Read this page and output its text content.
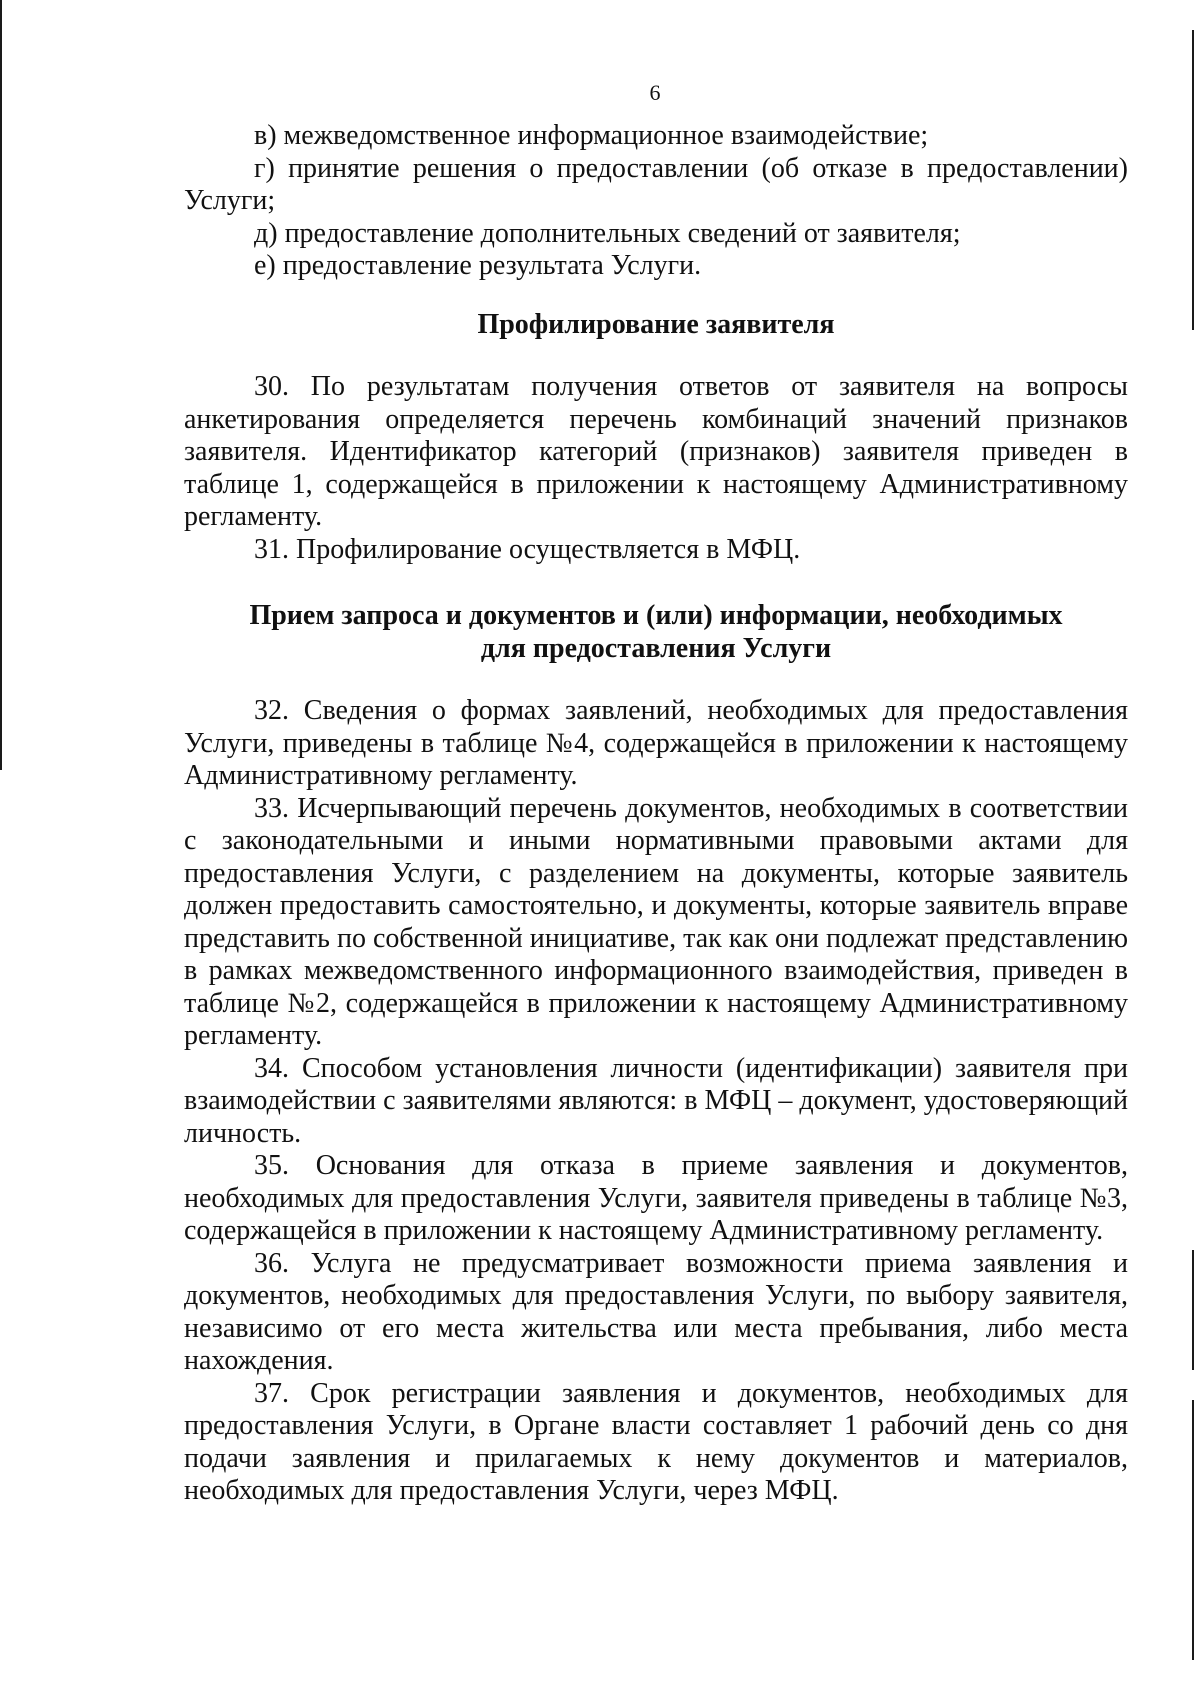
6

в) межведомственное информационное взаимодействие;

г) принятие решения о предоставлении (об отказе в предоставлении) Услуги;

д) предоставление дополнительных сведений от заявителя;

е) предоставление результата Услуги.

Профилирование заявителя

30. По результатам получения ответов от заявителя на вопросы анкетирования определяется перечень комбинаций значений признаков заявителя. Идентификатор категорий (признаков) заявителя приведен в таблице 1, содержащейся в приложении к настоящему Административному регламенту.

31. Профилирование осуществляется в МФЦ.

Прием запроса и документов и (или) информации, необходимых
для предоставления Услуги

32. Сведения о формах заявлений, необходимых для предоставления Услуги, приведены в таблице №4, содержащейся в приложении к настоящему Административному регламенту.

33. Исчерпывающий перечень документов, необходимых в соответствии с законодательными и иными нормативными правовыми актами для предоставления Услуги, с разделением на документы, которые заявитель должен предоставить самостоятельно, и документы, которые заявитель вправе представить по собственной инициативе, так как они подлежат представлению в рамках межведомственного информационного взаимодействия, приведен в таблице №2, содержащейся в приложении к настоящему Административному регламенту.

34. Способом установления личности (идентификации) заявителя при взаимодействии с заявителями являются: в МФЦ – документ, удостоверяющий личность.

35. Основания для отказа в приеме заявления и документов, необходимых для предоставления Услуги, заявителя приведены в таблице №3, содержащейся в приложении к настоящему Административному регламенту.

36. Услуга не предусматривает возможности приема заявления и документов, необходимых для предоставления Услуги, по выбору заявителя, независимо от его места жительства или места пребывания, либо места нахождения.

37. Срок регистрации заявления и документов, необходимых для предоставления Услуги, в Органе власти составляет 1 рабочий день со дня подачи заявления и прилагаемых к нему документов и материалов, необходимых для предоставления Услуги, через МФЦ.
